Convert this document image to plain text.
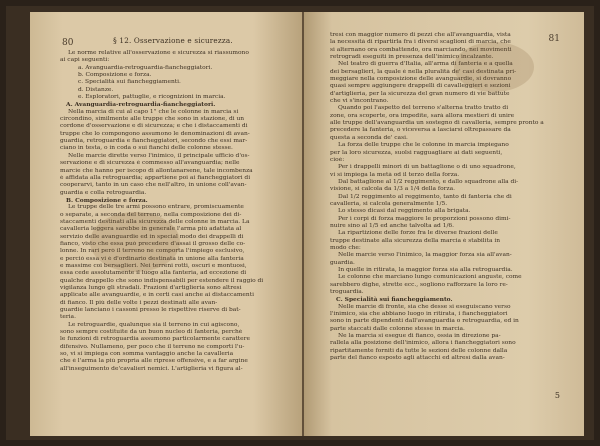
80	§ 12. Osservazione e sicurezza.

Le norme relative all'osservazione e sicurezza si riassumono

ai capi seguenti:

a. Avanguardia-retroguardia-fiancheggiatori.

b. Composizione e forza.

c. Specialità sui fiancheggiamenti.

d. Distanze.

e. Esploratori, pattuglie, e ricognizioni in marcia.

A. Avanguardia-retroguardia-fiancheggiatori.

Nella marcia di cui al capo 1° che le colonne in marcia si

circondino, similmente alle truppe che sono in stazione, di un

cordone d'osservazione e di sicurezza; e che i distaccamenti di

truppe che lo compongono assumono le denominazioni di avan-

guardia, retroguardia e fiancheggiatori, secondo che essi mar-

ciano in testa, o in coda o sui fianchi delle colonne stesse.

Nelle marcie dirette verso l'inimico, il principale ufficio d'os-

servazione e di sicurezza è commesso all'avanguardia; nelle

marcie che hanno per iscopo di allontanarsene, tale incombenza

è affidata alla retroguardia; appartiene poi ai fiancheggiatori di

cooperarvi, tanto in un caso che nell'altro, in unione coll'avan-

guardia e colla retroguardia.

B. Composizione e forza.

Le truppe delle tre armi possono entrare, promiscuamente

o separate, a seconda del terreno, nella composizione dei di-

staccamenti destinati alla sicurezza delle colonne in marcia. La

cavalleria leggera sarebbe in generale l'arma più adattata al

servizio delle avanguardie ed in special modo dei drappelli di

fianco, visto che essa può precedere d'assai il grosso delle co-

lonne. In rari però il terreno ne comporta l'impiego esclusivo,

e perciò essa vi è d'ordinario destinata in unione alla fanteria

e massime coi bersaglieri. Nei terreni rotti, oscuri e montuosi,

essa cede assolutamente il luogo alla fanteria, ad eccezione di

qualche drappello che sono indispensabili per estendere il raggio di

vigilanza lungo gli stradali. Frazioni d'artiglieria sono altresì

applicate alle avanguardie, e in certi casi anche ai distaccamenti

di fianco. Il più delle volte i pezzi destinati alle avan-

guardie lanciano i cassoni presso le rispettive riserve di bat-

teria.

Le retroguardie, qualunque sia il terreno in cui agiscono,

sono sempre costituite da un buon nucleo di fanteria, perchè

le funzioni di retroguardia assumono particolarmente carattere

difensivo. Nullameno, per poco che il terreno ne comporti l'u-

so, vi si impiega con somma vantaggio anche la cavalleria

che è l'arma la più propria alle riprese offensive, e a far argine

all'inseguimento de'cavalieri nemici. L'artiglieria vi figura al-

81

tresì con maggior numero di pezzi che all'avanguardia, vista

la necessità di ripartirla fra i diversi scaglioni di marcia, che

si alternano ora combattendo, ora marciando, nei movimenti

retrogradi eseguiti in presenza dell'inimico incalzante.

Nel teatro di guerra d'Italia, all'arma di fanteria e a quella

dei bersaglieri, la quale è nella pluralità de' casi destinata pri-

meggiare nella composizione delle avanguardie, si dovranno

quasi sempre aggiungere drappelli di cavalleggieri e sezioni

d'artiglieria, per la sicurezza del gran numero di vie battute

che vi s'incontrano.

Quando poi l'aspetto del terreno s'alterna tratto tratto di

zone, ora scoperte, ora impedite, sarà allora mestieri di unire

alle truppe dell'avanguardia un sostegno di cavalleria, sempre pronto a

precedere la fanteria, o viceversa a lasciarsi oltrepassare da

questa a seconda de' casi.

La forza delle truppe che le colonne in marcia impiegano

per la loro sicurezza, suolsi ragguagliare ai dati seguenti,

cioè:

Per i drappelli minori di un battaglione o di uno squadrone,

vi si impiega la metà od il terzo della forza.

Dal battaglione al 1/2 reggimento, e dallo squadrone alla di-

visione, si calcola da 1/3 a 1/4 della forza.

Dal 1/2 reggimento al reggimento, tanto di fanteria che di

cavalleria, si calcola generalmente 1/5.

Lo stesso dicasi dal reggimento alla brigata.

Per i corpi di forza maggiore le proporzioni possono dimi-

nuire sino al 1/5 ed anche talvolta ad 1/6.

La ripartizione delle forze fra le diverse frazioni delle

truppe destinate alla sicurezza della marcia è stabilita in

modo che:

Nelle marcie verso l'inimico, la maggior forza sia all'avan-

guardia.

In quelle in ritirata, la maggior forza sia alla retroguardia.

Le colonne che marciano lungo comunicazioni anguste, come

sarebbero dighe, strette ecc., sogliono rafforzare la loro re-

troguardia.

C. Specialità sui fiancheggiamento.

Nelle marcie di fronte, sia che desse si eseguiscano verso

l'inimico, sia che abbiano luogo in ritirata, i fiancheggiatori

sono in parte dipendenti dall'avanguardia o retroguardia, ed in

parte staccati dalle colonne stesse in marcia.

Ne la marcia si esegue di fianco, ossia in direzione pa-

rallela alla posizione dell'inimico, allora i fiancheggiatori sono

ripartitamente forniti da tutte le sezioni delle colonne dalla

parte del fianco esposto agli attacchi ed altresì dalla avan-

5
